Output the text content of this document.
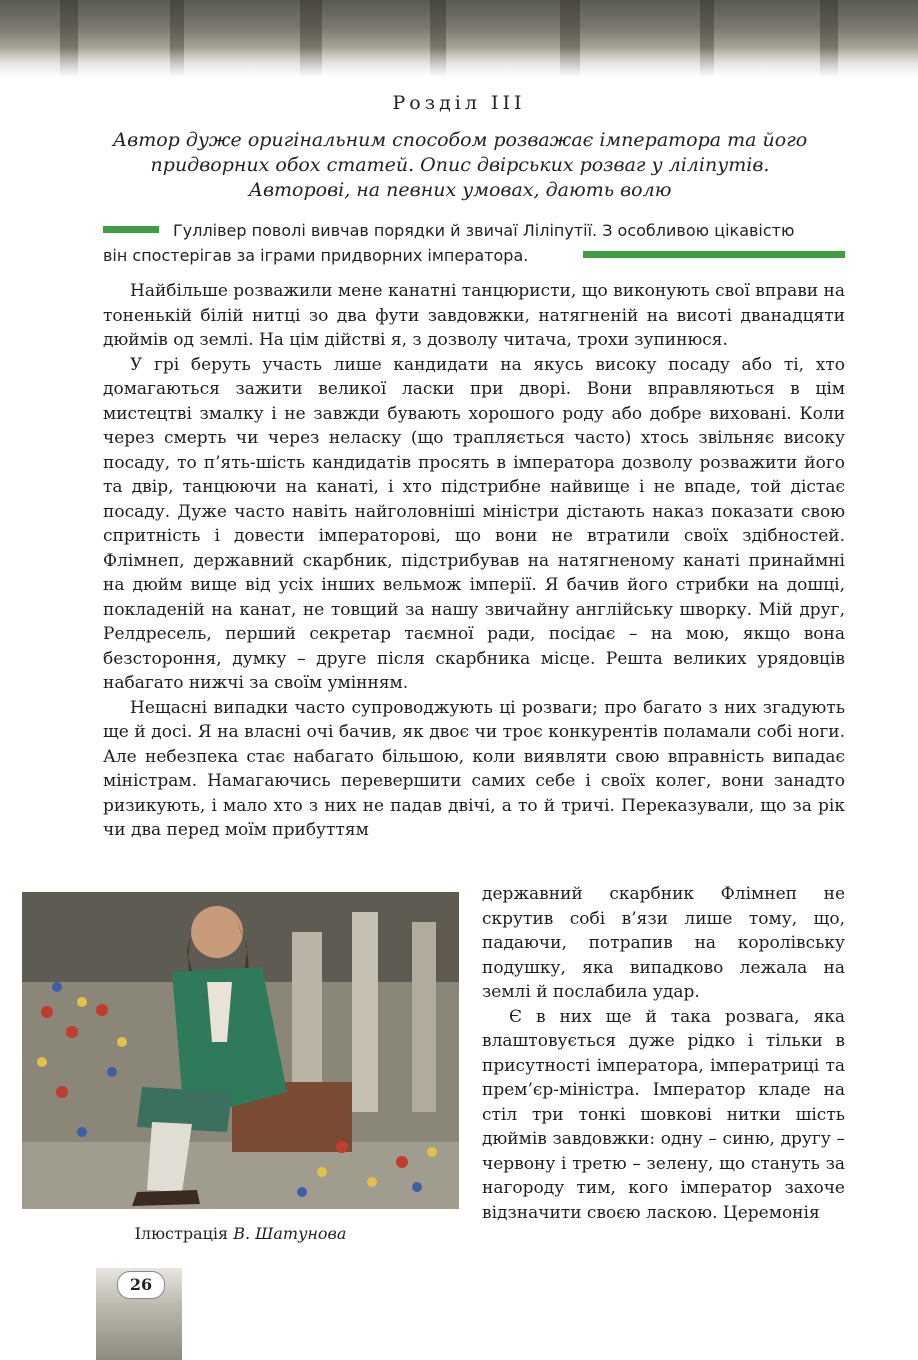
Розділ III
Автор дуже оригінальним способом розважає імператора та його
придворних обох статей. Опис двірських розваг у ліліпутів.
Авторові, на певних умовах, дають волю
Гуллівер поволі вивчав порядки й звичаї Ліліпутії. З особливою цікавістю
він спостерігав за іграми придворних імператора.

Найбільше розважили мене канатні танцюристи, що виконують свої вправи на тоненькій білій нитці зо два фути завдовжки, натягненій на висоті дванадцяти дюймів од землі. На цім дійстві я, з дозволу читача, трохи зупинюся.

У грі беруть участь лише кандидати на якусь високу посаду або ті, хто домагаються зажити великої ласки при дворі. Вони вправляються в цім мистецтві змалку і не завжди бувають хорошого роду або добре виховані. Коли через смерть чи через неласку (що трапляється часто) хтось звільняє високу посаду, то п’ять-шість кандидатів просять в імператора дозволу розважити його та двір, танцюючи на канаті, і хто підстрибне найвище і не впаде, той дістає посаду. Дуже часто навіть найголовніші міністри дістають наказ показати свою спритність і довести імператорові, що вони не втратили своїх здібностей. Флімнеп, державний скарбник, підстрибував на натягненому канаті принаймні на дюйм вище від усіх інших вельмож імперії. Я бачив його стрибки на дошці, покладеній на канат, не товщий за нашу звичайну англійську шворку. Мій друг, Релдресель, перший секретар таємної ради, посідає – на мою, якщо вона безстороння, думку – друге після скарбника місце. Решта великих урядовців набагато нижчі за своїм умінням.

Нещасні випадки часто супроводжують ці розваги; про багато з них згадують ще й досі. Я на власні очі бачив, як двоє чи троє конкурентів поламали собі ноги. Але небезпека стає набагато більшою, коли виявляти свою вправність випадає міністрам. Намагаючись перевершити самих себе і своїх колег, вони занадто ризикують, і мало хто з них не падав двічі, а то й тричі. Переказували, що за рік чи два перед моїм прибуттям

Ілюстрація В. Шатунова

державний скарбник Флімнеп не скрутив собі в’язи лише тому, що, падаючи, потрапив на королівську подушку, яка випадково лежала на землі й послабила удар.

Є в них ще й така розвага, яка влаштовується дуже рідко і тільки в присутності імператора, імператриці та прем’єр-міністра. Імператор кладе на стіл три тонкі шовкові нитки шість дюймів завдовжки: одну – синю, другу – червону і третю – зелену, що стануть за нагороду тим, кого імператор захоче відзначити своєю ласкою. Церемонія

26
